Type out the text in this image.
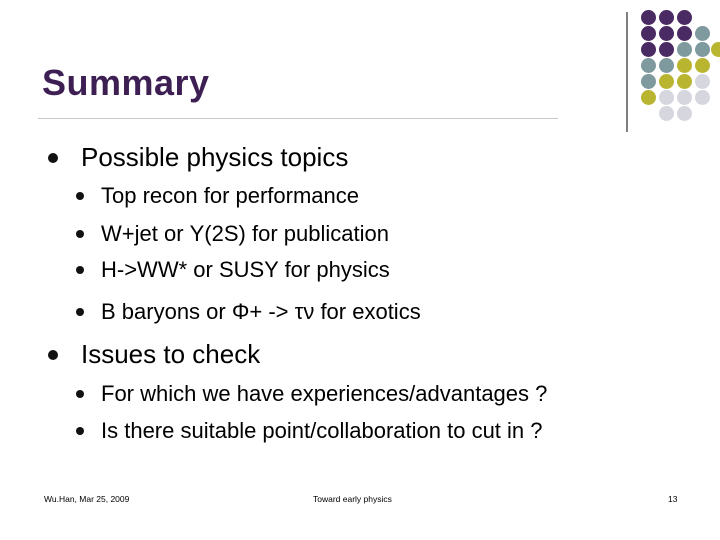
Summary
Possible physics topics
Top recon for performance
W+jet or Υ(2S) for publication
H->WW* or SUSY for physics
B baryons or Φ+ -> τν for exotics
Issues to check
For which we have experiences/advantages ?
Is there suitable point/collaboration to cut in ?
Wu.Han, Mar 25, 2009	Toward early physics	13
